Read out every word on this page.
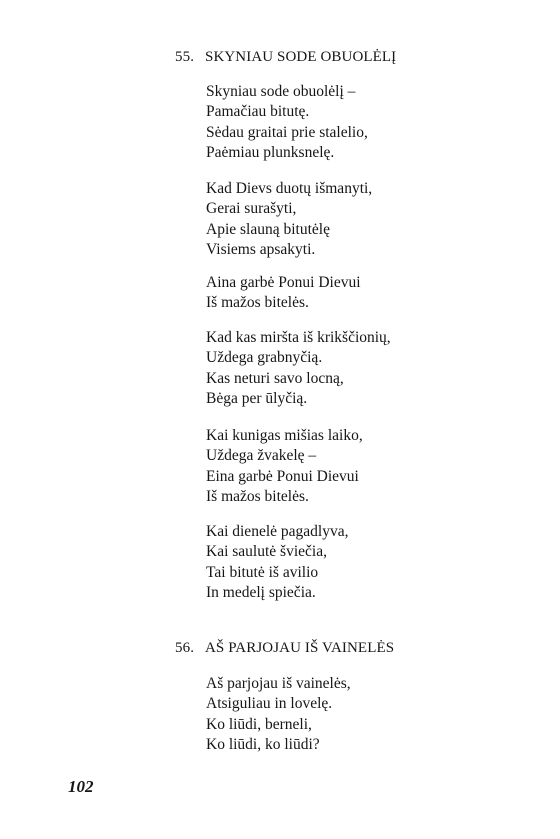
55. SKYNIAU SODE OBUOLĖLĮ
Skyniau sode obuolėlį –
Pamačiau bitutę.
Sėdau graitai prie stalelio,
Paėmiau plunksnelę.
Kad Dievs duotų išmanyti,
Gerai surašyti,
Apie slauną bitutėlę
Visiems apsakyti.
Aina garbė Ponui Dievui
Iš mažos bitelės.
Kad kas miršta iš krikščionių,
Uždega grabnyčią.
Kas neturi savo locną,
Bėga per ūlyčią.
Kai kunigas mišias laiko,
Uždega žvakelę –
Eina garbė Ponui Dievui
Iš mažos bitelės.
Kai dienelė pagadlyva,
Kai saulutė šviečia,
Tai bitutė iš avilio
In medelį spiečia.
56. AŠ PARJOJAU IŠ VAINELĖS
Aš parjojau iš vainelės,
Atsiguliau in lovelę.
Ko liūdi, berneli,
Ko liūdi, ko liūdi?
102
